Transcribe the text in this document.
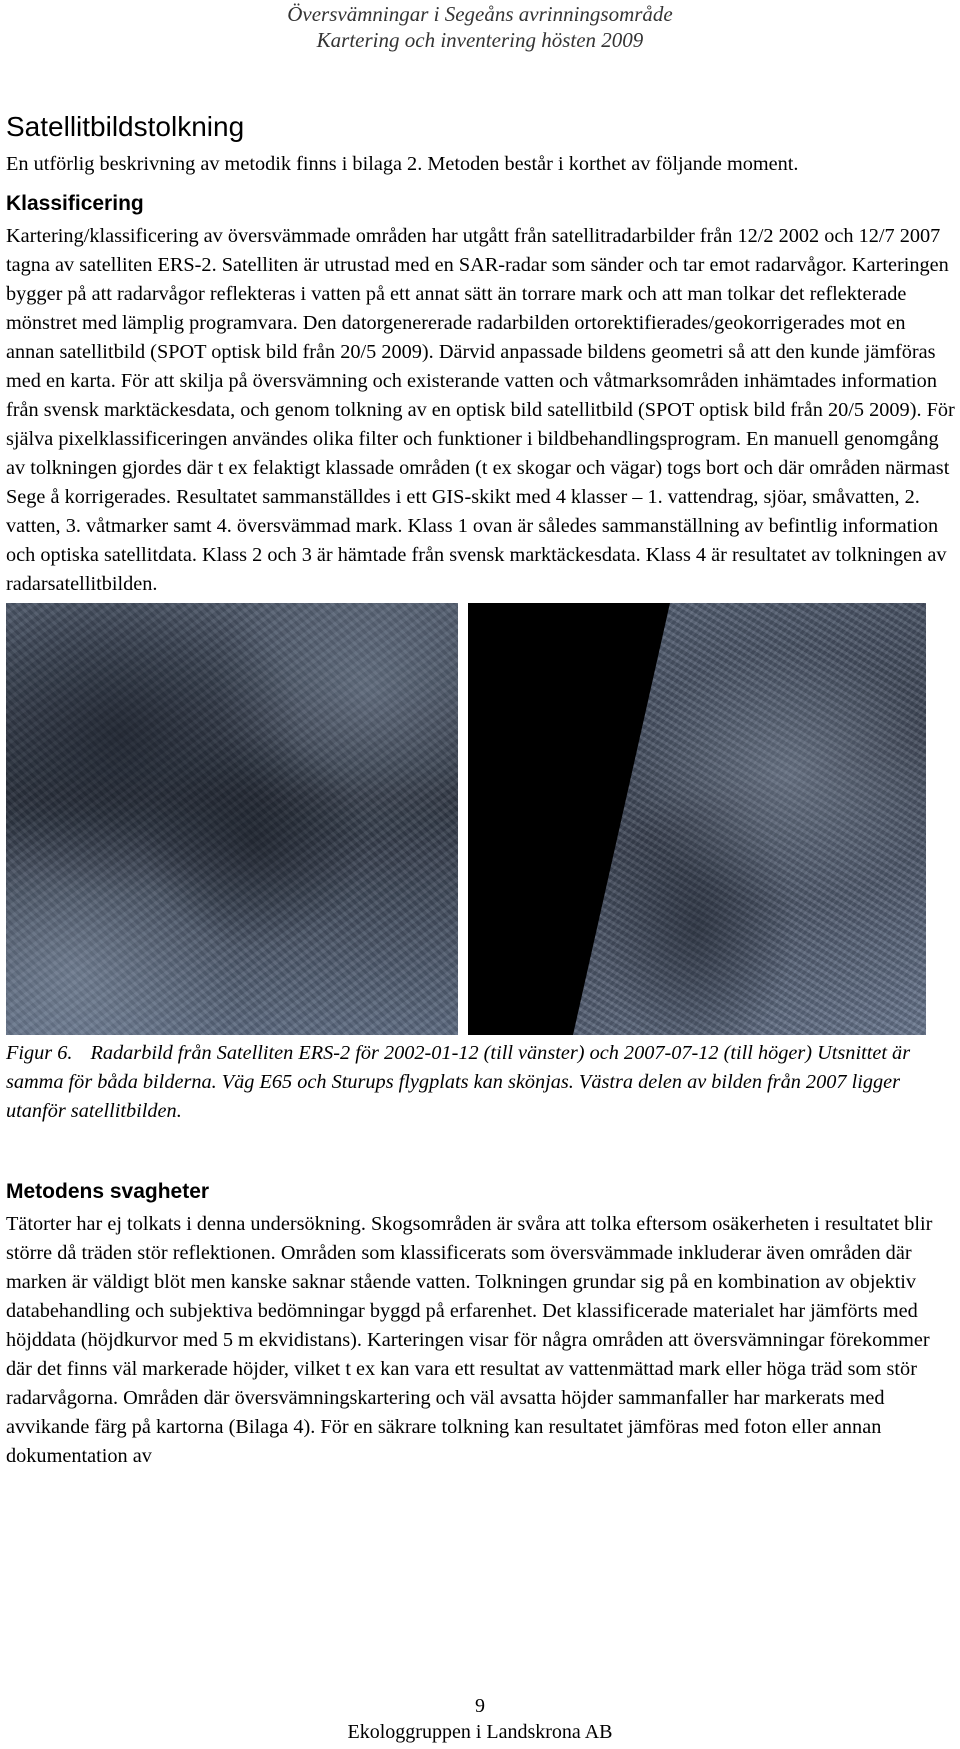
Översvämningar i Segeåns avrinningsområde
Kartering och inventering hösten 2009
Satellitbildstolkning

En utförlig beskrivning av metodik finns i bilaga 2. Metoden består i korthet av följande moment.

Klassificering

Kartering/klassificering av översvämmade områden har utgått från satellitradarbilder från 12/2 2002 och 12/7 2007 tagna av satelliten ERS-2. Satelliten är utrustad med en SAR-radar som sänder och tar emot radarvågor. Karteringen bygger på att radarvågor reflekteras i vatten på ett annat sätt än torrare mark och att man tolkar det reflekterade mönstret med lämplig programvara. Den datorgenererade radarbilden ortorektifierades/geokorrigerades mot en annan satellitbild (SPOT optisk bild från 20/5 2009). Därvid anpassade bildens geometri så att den kunde jämföras med en karta. För att skilja på översvämning och existerande vatten och våtmarksområden inhämtades information från svensk marktäckesdata, och genom tolkning av en optisk bild satellitbild (SPOT optisk bild från 20/5 2009). För själva pixelklassificeringen användes olika filter och funktioner i bildbehandlingsprogram. En manuell genomgång av tolkningen gjordes där t ex felaktigt klassade områden (t ex skogar och vägar) togs bort och där områden närmast Sege å korrigerades. Resultatet sammanställdes i ett GIS-skikt med 4 klasser – 1. vattendrag, sjöar, småvatten, 2. vatten, 3. våtmarker samt 4. översvämmad mark. Klass 1 ovan är således sammanställning av befintlig information och optiska satellitdata. Klass 2 och 3 är hämtade från svensk marktäckesdata. Klass 4 är resultatet av tolkningen av radarsatellitbilden.

Figur 6. Radarbild från Satelliten ERS-2 för 2002-01-12 (till vänster) och 2007-07-12 (till höger) Utsnittet är samma för båda bilderna. Väg E65 och Sturups flygplats kan skönjas. Västra delen av bilden från 2007 ligger utanför satellitbilden.

Metodens svagheter

Tätorter har ej tolkats i denna undersökning. Skogsområden är svåra att tolka eftersom osäkerheten i resultatet blir större då träden stör reflektionen. Områden som klassificerats som översvämmade inkluderar även områden där marken är väldigt blöt men kanske saknar stående vatten. Tolkningen grundar sig på en kombination av objektiv databehandling och subjektiva bedömningar byggd på erfarenhet. Det klassificerade materialet har jämförts med höjddata (höjdkurvor med 5 m ekvidistans). Karteringen visar för några områden att översvämningar förekommer där det finns väl markerade höjder, vilket t ex kan vara ett resultat av vattenmättad mark eller höga träd som stör radarvågorna. Områden där översvämningskartering och väl avsatta höjder sammanfaller har markerats med avvikande färg på kartorna (Bilaga 4). För en säkrare tolkning kan resultatet jämföras med foton eller annan dokumentation av

9
Ekologgruppen i Landskrona AB
